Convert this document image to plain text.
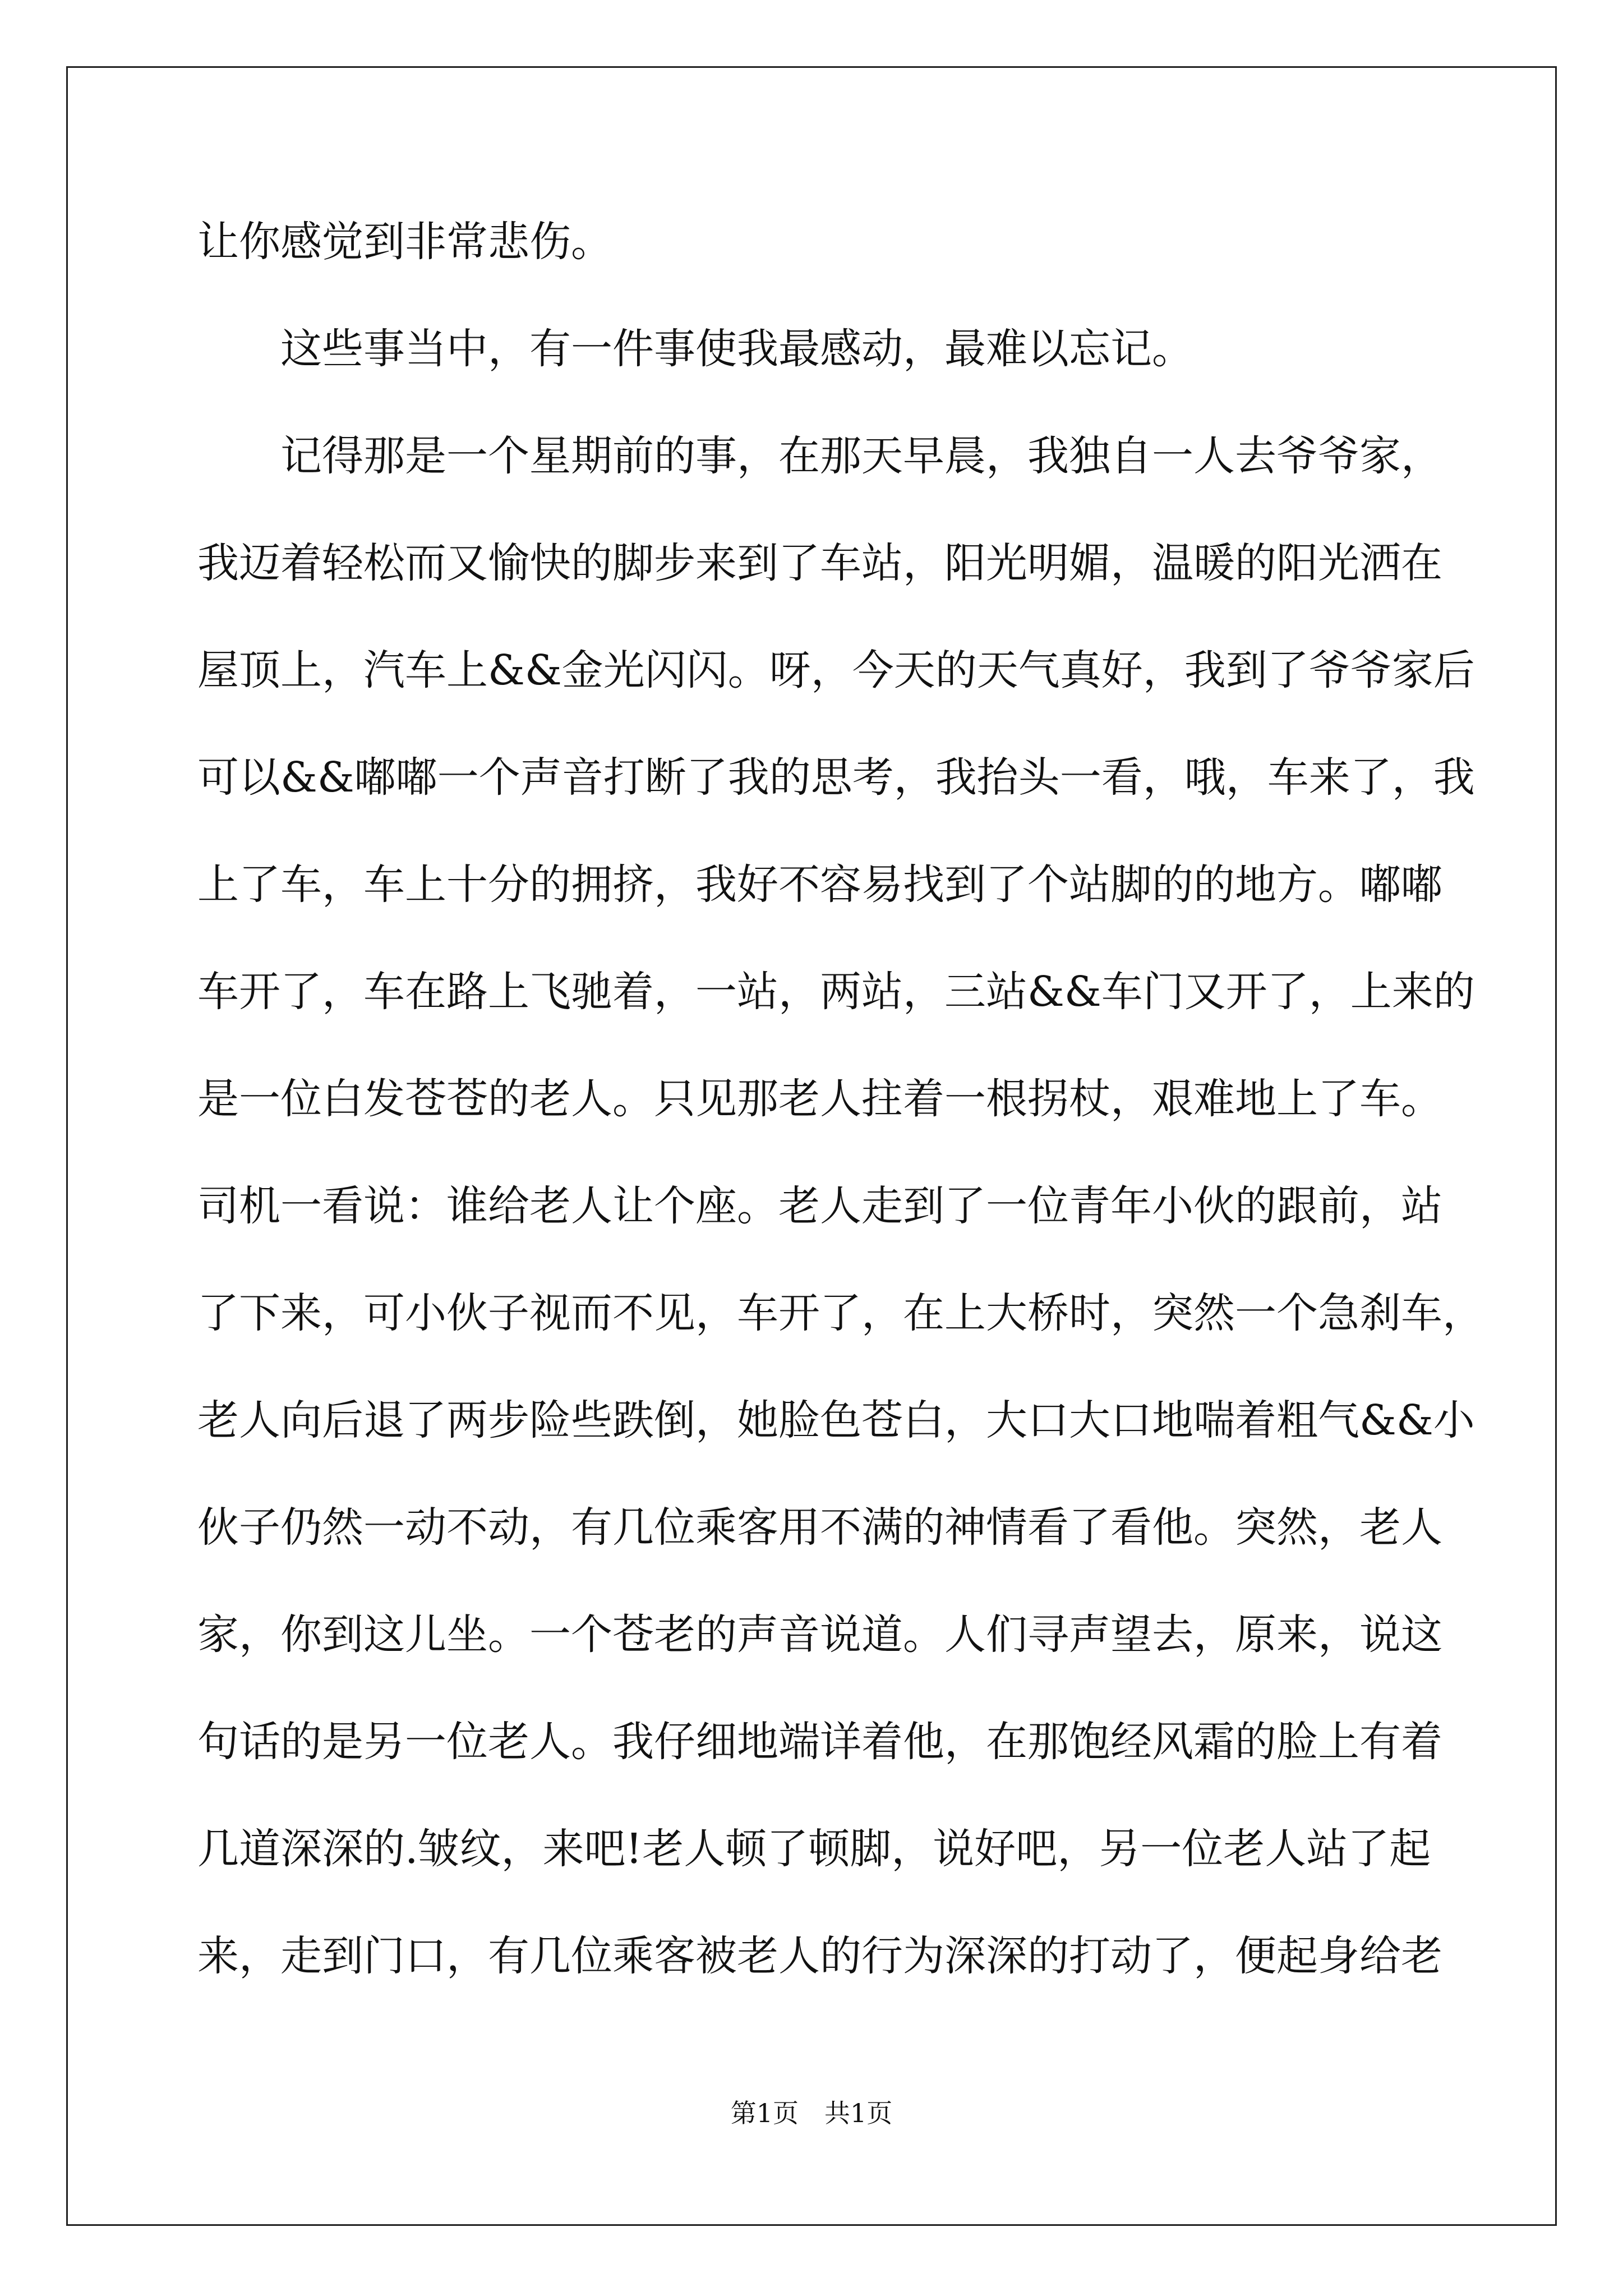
让你感觉到非常悲伤。
这些事当中，有一件事使我最感动，最难以忘记。
记得那是一个星期前的事，在那天早晨，我独自一人去爷爷家，
我迈着轻松而又愉快的脚步来到了车站，阳光明媚，温暖的阳光洒在
屋顶上，汽车上&&金光闪闪。呀，今天的天气真好，我到了爷爷家后
可以&&嘟嘟一个声音打断了我的思考，我抬头一看，哦，车来了，我
上了车，车上十分的拥挤，我好不容易找到了个站脚的的地方。嘟嘟
车开了，车在路上飞驰着，一站，两站，三站&&车门又开了，上来的
是一位白发苍苍的老人。只见那老人拄着一根拐杖，艰难地上了车。
司机一看说：谁给老人让个座。老人走到了一位青年小伙的跟前，站
了下来，可小伙子视而不见，车开了，在上大桥时，突然一个急刹车，
老人向后退了两步险些跌倒，她脸色苍白，大口大口地喘着粗气&&小
伙子仍然一动不动，有几位乘客用不满的神情看了看他。突然，老人
家，你到这儿坐。一个苍老的声音说道。人们寻声望去，原来，说这
句话的是另一位老人。我仔细地端详着他，在那饱经风霜的脸上有着
几道深深的.皱纹，来吧!老人顿了顿脚，说好吧，另一位老人站了起
来，走到门口，有几位乘客被老人的行为深深的打动了，便起身给老
第1页 共1页
